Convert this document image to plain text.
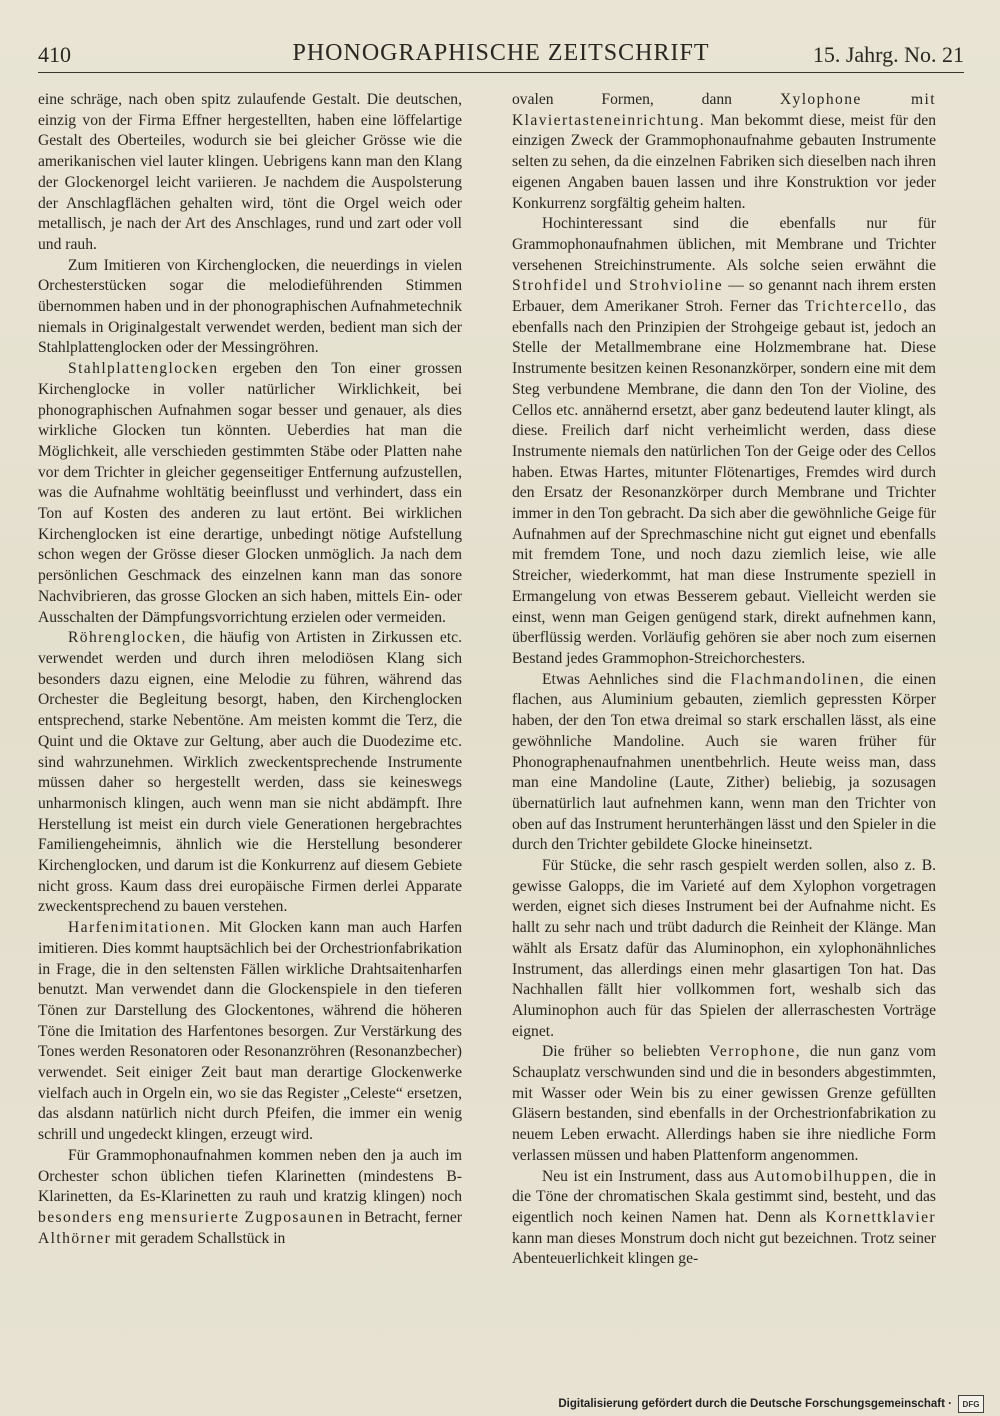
410	PHONOGRAPHISCHE ZEITSCHRIFT	15. Jahrg. No. 21

eine schräge, nach oben spitz zulaufende Gestalt. Die deutschen, einzig von der Firma Effner hergestellten, haben eine löffelartige Gestalt des Oberteiles, wodurch sie bei gleicher Grösse wie die amerikanischen viel lauter klingen. Uebrigens kann man den Klang der Glockenorgel leicht variieren. Je nachdem die Auspolsterung der Anschlagflächen gehalten wird, tönt die Orgel weich oder metallisch, je nach der Art des Anschlages, rund und zart oder voll und rauh.

Zum Imitieren von Kirchenglocken, die neuerdings in vielen Orchesterstücken sogar die melodieführenden Stimmen übernommen haben und in der phonographischen Aufnahmetechnik niemals in Originalgestalt verwendet werden, bedient man sich der Stahlplattenglocken oder der Messingröhren.

Stahlplattenglocken ergeben den Ton einer grossen Kirchenglocke in voller natürlicher Wirklichkeit, bei phonographischen Aufnahmen sogar besser und genauer, als dies wirkliche Glocken tun könnten. Ueberdies hat man die Möglichkeit, alle verschieden gestimmten Stäbe oder Platten nahe vor dem Trichter in gleicher gegenseitiger Entfernung aufzustellen, was die Aufnahme wohltätig beeinflusst und verhindert, dass ein Ton auf Kosten des anderen zu laut ertönt. Bei wirklichen Kirchenglocken ist eine derartige, unbedingt nötige Aufstellung schon wegen der Grösse dieser Glocken unmöglich. Ja nach dem persönlichen Geschmack des einzelnen kann man das sonore Nachvibrieren, das grosse Glocken an sich haben, mittels Ein- oder Ausschalten der Dämpfungsvorrichtung erzielen oder vermeiden.

Röhrenglocken, die häufig von Artisten in Zirkussen etc. verwendet werden und durch ihren melodiösen Klang sich besonders dazu eignen, eine Melodie zu führen, während das Orchester die Begleitung besorgt, haben, den Kirchenglocken entsprechend, starke Nebentöne. Am meisten kommt die Terz, die Quint und die Oktave zur Geltung, aber auch die Duodezime etc. sind wahrzunehmen. Wirklich zweckentsprechende Instrumente müssen daher so hergestellt werden, dass sie keineswegs unharmonisch klingen, auch wenn man sie nicht abdämpft. Ihre Herstellung ist meist ein durch viele Generationen hergebrachtes Familiengeheimnis, ähnlich wie die Herstellung besonderer Kirchenglocken, und darum ist die Konkurrenz auf diesem Gebiete nicht gross. Kaum dass drei europäische Firmen derlei Apparate zweckentsprechend zu bauen verstehen.

Harfenimitationen. Mit Glocken kann man auch Harfen imitieren. Dies kommt hauptsächlich bei der Orchestrionfabrikation in Frage, die in den seltensten Fällen wirkliche Drahtsaitenharfen benutzt. Man verwendet dann die Glockenspiele in den tieferen Tönen zur Darstellung des Glockentones, während die höheren Töne die Imitation des Harfentones besorgen. Zur Verstärkung des Tones werden Resonatoren oder Resonanzröhren (Resonanzbecher) verwendet. Seit einiger Zeit baut man derartige Glockenwerke vielfach auch in Orgeln ein, wo sie das Register „Celeste“ ersetzen, das alsdann natürlich nicht durch Pfeifen, die immer ein wenig schrill und ungedeckt klingen, erzeugt wird.

Für Grammophonaufnahmen kommen neben den ja auch im Orchester schon üblichen tiefen Klarinetten (mindestens B-Klarinetten, da Es-Klarinetten zu rauh und kratzig klingen) noch besonders eng mensurierte Zugposaunen in Betracht, ferner Althörner mit geradem Schallstück in

ovalen Formen, dann	Xylophone mit Klaviertasteneinrichtung. Man bekommt diese, meist für den einzigen Zweck der Grammophonaufnahme gebauten Instrumente selten zu sehen, da die einzelnen Fabriken sich dieselben nach ihren eigenen Angaben bauen lassen und ihre Konstruktion vor jeder Konkurrenz sorgfältig geheim halten.

Hochinteressant sind die ebenfalls nur für Grammophonaufnahmen üblichen, mit Membrane und Trichter versehenen Streichinstrumente. Als solche seien erwähnt die Strohfidel und Strohvioline — so genannt nach ihrem ersten Erbauer, dem Amerikaner Stroh. Ferner das Trichtercello, das ebenfalls nach den Prinzipien der Strohgeige gebaut ist, jedoch an Stelle der Metallmembrane eine Holzmembrane hat. Diese Instrumente besitzen keinen Resonanzkörper, sondern eine mit dem Steg verbundene Membrane, die dann den Ton der Violine, des Cellos etc. annähernd ersetzt, aber ganz bedeutend lauter klingt, als diese. Freilich darf nicht verheimlicht werden, dass diese Instrumente niemals den natürlichen Ton der Geige oder des Cellos haben. Etwas Hartes, mitunter Flötenartiges, Fremdes wird durch den Ersatz der Resonanzkörper durch Membrane und Trichter immer in den Ton gebracht. Da sich aber die gewöhnliche Geige für Aufnahmen auf der Sprechmaschine nicht gut eignet und ebenfalls mit fremdem Tone, und noch dazu ziemlich leise, wie alle Streicher, wiederkommt, hat man diese Instrumente speziell in Ermangelung von etwas Besserem gebaut. Vielleicht werden sie einst, wenn man Geigen genügend stark, direkt aufnehmen kann, überflüssig werden. Vorläufig gehören sie aber noch zum eisernen Bestand jedes Grammophon-Streichorchesters.

Etwas Aehnliches sind die Flachmandolinen, die einen flachen, aus Aluminium gebauten, ziemlich gepressten Körper haben, der den Ton etwa dreimal so stark erschallen lässt, als eine gewöhnliche Mandoline. Auch sie waren früher für Phonographenaufnahmen unentbehrlich. Heute weiss man, dass man eine Mandoline (Laute, Zither) beliebig, ja sozusagen übernatürlich laut aufnehmen kann, wenn man den Trichter von oben auf das Instrument herunterhängen lässt und den Spieler in die durch den Trichter gebildete Glocke hineinsetzt.

Für Stücke, die sehr rasch gespielt werden sollen, also z. B. gewisse Galopps, die im Varieté auf dem Xylophon vorgetragen werden, eignet sich dieses Instrument bei der Aufnahme nicht. Es hallt zu sehr nach und trübt dadurch die Reinheit der Klänge. Man wählt als Ersatz dafür das Aluminophon, ein xylophonähnliches Instrument, das allerdings einen mehr glasartigen Ton hat. Das Nachhallen fällt hier vollkommen fort, weshalb sich das Aluminophon auch für das Spielen der allerraschesten Vorträge eignet.

Die früher so beliebten Verrophone, die nun ganz vom Schauplatz verschwunden sind und die in besonders abgestimmten, mit Wasser oder Wein bis zu einer gewissen Grenze gefüllten Gläsern bestanden, sind ebenfalls in der Orchestrionfabrikation zu neuem Leben erwacht. Allerdings haben sie ihre niedliche Form verlassen müssen und haben Plattenform angenommen.

Neu ist ein Instrument, dass aus Automobilhuppen, die in die Töne der chromatischen Skala gestimmt sind, besteht, und das eigentlich noch keinen Namen hat. Denn als Kornettklavier kann man dieses Monstrum doch nicht gut bezeichnen. Trotz seiner Abenteuerlichkeit klingen ge-

Digitalisierung gefördert durch die Deutsche Forschungsgemeinschaft ·	DFG
